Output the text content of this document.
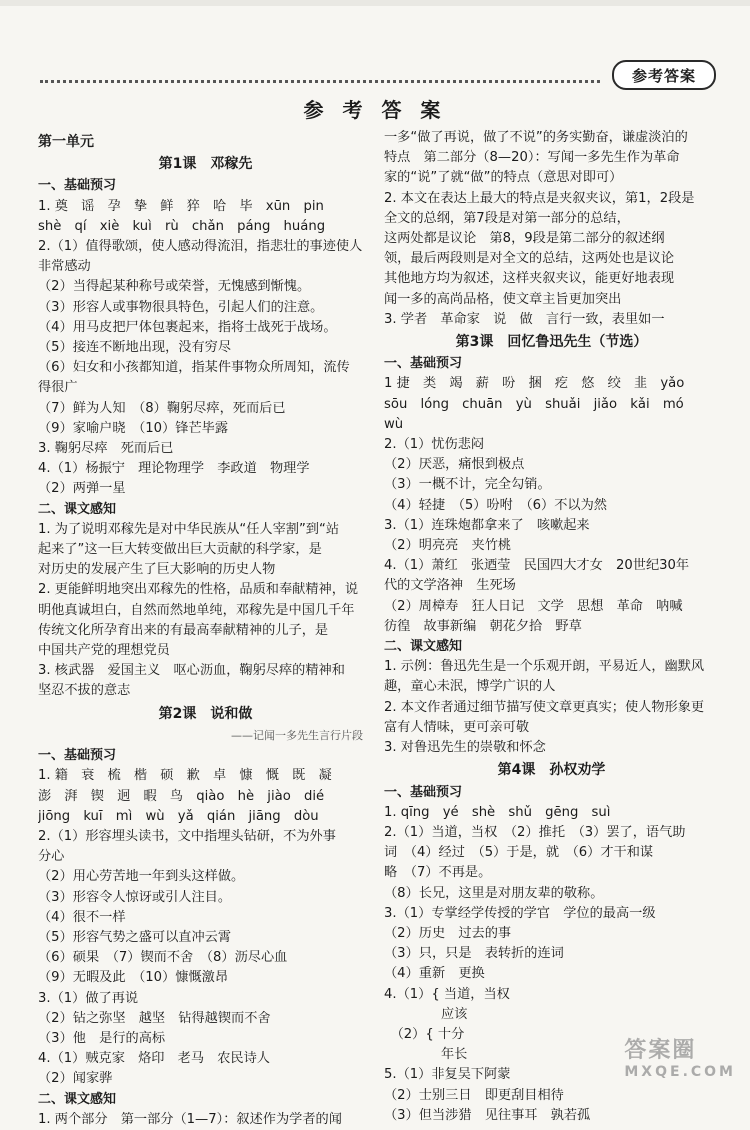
参考答案
参 考 答 案
第一单元
第1课　邓稼先
一、基础预习
1. 奠　谣　孕　挚　鲜　猝　哈　毕　xūn　pin
shè　qí　xiè　kuì　rù　chǎn　páng　huáng
2.（1）值得歌颂，使人感动得流泪，指悲壮的事迹使人
非常感动
（2）当得起某种称号或荣誉，无愧感到惭愧。
（3）形容人或事物很具特色，引起人们的注意。
（4）用马皮把尸体包裹起来，指将士战死于战场。
（5）接连不断地出现，没有穷尽
（6）妇女和小孩都知道，指某件事物众所周知，流传
得很广
（7）鲜为人知　（8）鞠躬尽瘁，死而后已
（9）家喻户晓　（10）锋芒毕露
3. 鞠躬尽瘁　死而后已
4.（1）杨振宁　理论物理学　李政道　物理学
（2）两弹一星
二、课文感知
1. 为了说明邓稼先是对中华民族从“任人宰割”到“站
起来了”这一巨大转变做出巨大贡献的科学家，是
对历史的发展产生了巨大影响的历史人物
2. 更能鲜明地突出邓稼先的性格，品质和奉献精神，说
明他真诚坦白，自然而然地单纯，邓稼先是中国几千年
传统文化所孕育出来的有最高奉献精神的儿子，是
中国共产党的理想党员
3. 核武器　爱国主义　呕心沥血，鞠躬尽瘁的精神和
坚忍不拔的意志
第2课　说和做
——记闻一多先生言行片段
一、基础预习
1. 籍　衰　梳　楷　硕　歉　卓　慷　慨　既　凝
澎　湃　锲　迥　暇　鸟　qiào　hè　jiào　dié
jiōng　kuī　mì　wù　yǎ　qián　jiāng　dòu
2.（1）形容埋头读书，文中指埋头钻研，不为外事
分心
（2）用心劳苦地一年到头这样做。
（3）形容令人惊讶或引人注目。
（4）很不一样
（5）形容气势之盛可以直冲云霄
（6）硕果　（7）锲而不舍　（8）沥尽心血
（9）无暇及此　（10）慷慨激昂
3.（1）做了再说
（2）钻之弥坚　越坚　钻得越锲而不舍
（3）他　是行的高标
4.（1）贼克家　烙印　老马　农民诗人
（2）闻家骅
二、课文感知
1. 两个部分　第一部分（1—7）：叙述作为学者的闻
一多“做了再说，做了不说”的务实勤奋，谦虚淡泊的
特点　第二部分（8—20）：写闻一多先生作为革命
家的“说”了就“做”的特点（意思对即可）
2. 本文在表达上最大的特点是夹叙夹议，第1，2段是
全文的总纲，第7段是对第一部分的总结，
这两处都是议论　第8，9段是第二部分的叙述纲
领，最后两段则是对全文的总结，这两处也是议论
其他地方均为叙述，这样夹叙夹议，能更好地表现
闻一多的高尚品格，使文章主旨更加突出
3. 学者　革命家　说　做　言行一致，表里如一
第3课　回忆鲁迅先生（节选）
一、基础预习
1 捷　类　竭　薪　吩　捆　疙　悠　绞　韭　yǎo
sōu　lóng　chuān　yù　shuǎi　jiǎo　kǎi　mó
wù
2.（1）忧伤悲闷
（2）厌恶，痛恨到极点
（3）一概不计，完全勾销。
（4）轻捷　（5）吩咐　（6）不以为然
3.（1）连珠炮都拿来了　咳嗽起来
（2）明亮亮　夹竹桃
4.（1）萧红　张迺莹　民国四大才女　20世纪30年
代的文学洛神　生死场
（2）周樟寿　狂人日记　文学　思想　革命　呐喊
彷徨　故事新编　朝花夕拾　野草
二、课文感知
1. 示例：鲁迅先生是一个乐观开朗，平易近人，幽默风
趣，童心未泯，博学广识的人
2. 本文作者通过细节描写使文章更真实；使人物形象更
富有人情味，更可亲可敬
3. 对鲁迅先生的崇敬和怀念
第4课　孙权劝学
一、基础预习
1. qīng　yé　shè　shǔ　gēng　suì
2.（1）当道，当权　（2）推托　（3）罢了，语气助
词　（4）经过　（5）于是，就　（6）才干和谋
略　（7）不再是。
（8）长兄，这里是对朋友辈的敬称。
3.（1）专掌经学传授的学官　学位的最高一级
（2）历史　过去的事
（3）只，只是　表转折的连词
（4）重新　更换
4.（1）{ 当道，当权
　　　　 应该
　（2）{ 十分
　　　　 年长
5.（1）非复吴下阿蒙
（2）士别三日　即更刮目相待
（3）但当涉猎　见往事耳　孰若孤
答案圈
MXQE.COM
